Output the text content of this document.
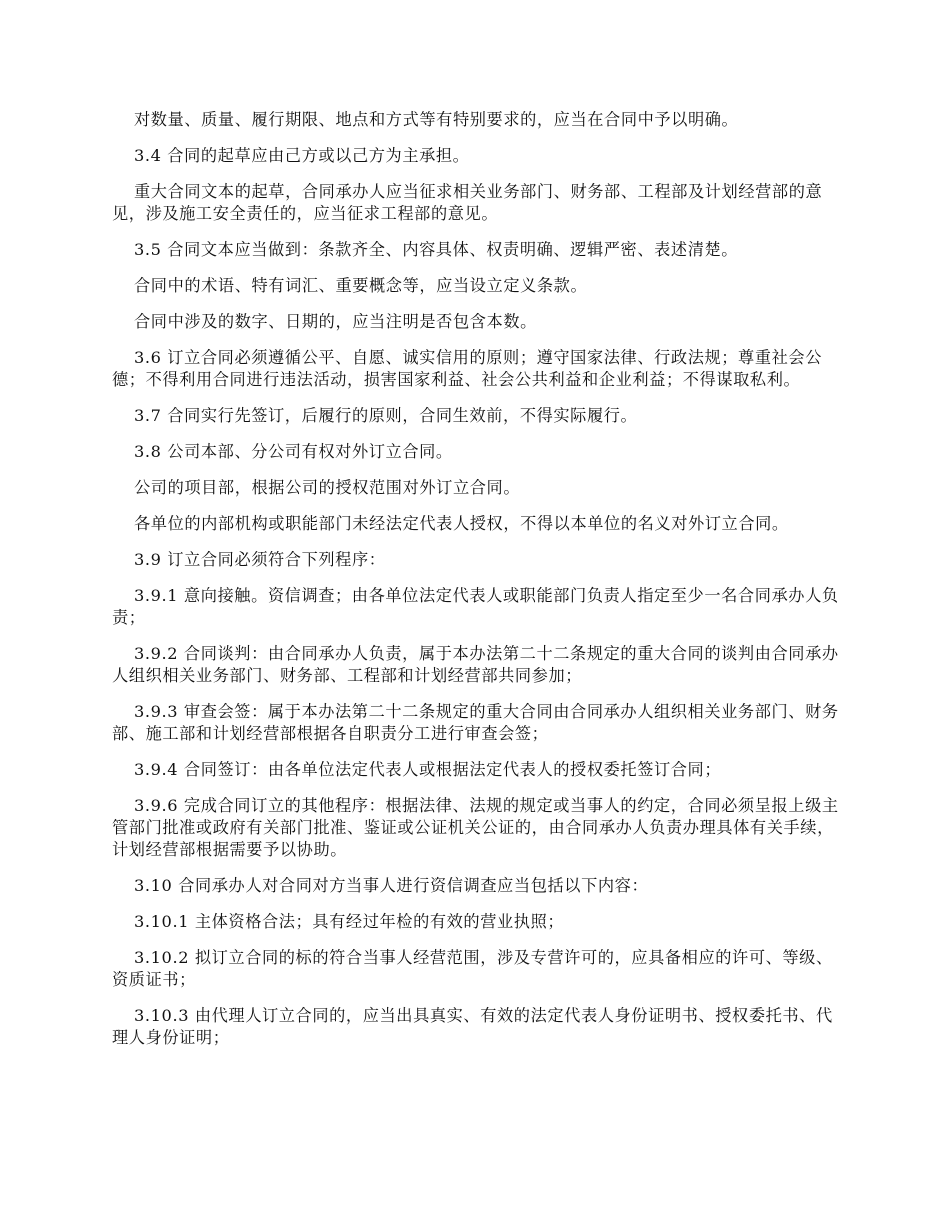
对数量、质量、履行期限、地点和方式等有特别要求的，应当在合同中予以明确。

3.4 合同的起草应由己方或以己方为主承担。

重大合同文本的起草，合同承办人应当征求相关业务部门、财务部、工程部及计划经营部的意见，涉及施工安全责任的，应当征求工程部的意见。

3.5 合同文本应当做到：条款齐全、内容具体、权责明确、逻辑严密、表述清楚。

合同中的术语、特有词汇、重要概念等，应当设立定义条款。

合同中涉及的数字、日期的，应当注明是否包含本数。

3.6 订立合同必须遵循公平、自愿、诚实信用的原则；遵守国家法律、行政法规；尊重社会公德；不得利用合同进行违法活动，损害国家利益、社会公共利益和企业利益；不得谋取私利。

3.7 合同实行先签订，后履行的原则，合同生效前，不得实际履行。

3.8 公司本部、分公司有权对外订立合同。

公司的项目部，根据公司的授权范围对外订立合同。

各单位的内部机构或职能部门未经法定代表人授权，不得以本单位的名义对外订立合同。

3.9 订立合同必须符合下列程序：

3.9.1 意向接触。资信调查；由各单位法定代表人或职能部门负责人指定至少一名合同承办人负责；

3.9.2 合同谈判：由合同承办人负责，属于本办法第二十二条规定的重大合同的谈判由合同承办人组织相关业务部门、财务部、工程部和计划经营部共同参加；

3.9.3 审查会签：属于本办法第二十二条规定的重大合同由合同承办人组织相关业务部门、财务部、施工部和计划经营部根据各自职责分工进行审查会签；

3.9.4 合同签订：由各单位法定代表人或根据法定代表人的授权委托签订合同；

3.9.6 完成合同订立的其他程序：根据法律、法规的规定或当事人的约定，合同必须呈报上级主管部门批准或政府有关部门批准、鉴证或公证机关公证的，由合同承办人负责办理具体有关手续，计划经营部根据需要予以协助。

3.10 合同承办人对合同对方当事人进行资信调查应当包括以下内容：

3.10.1 主体资格合法；具有经过年检的有效的营业执照；

3.10.2 拟订立合同的标的符合当事人经营范围，涉及专营许可的，应具备相应的许可、等级、资质证书；

3.10.3 由代理人订立合同的，应当出具真实、有效的法定代表人身份证明书、授权委托书、代理人身份证明；
